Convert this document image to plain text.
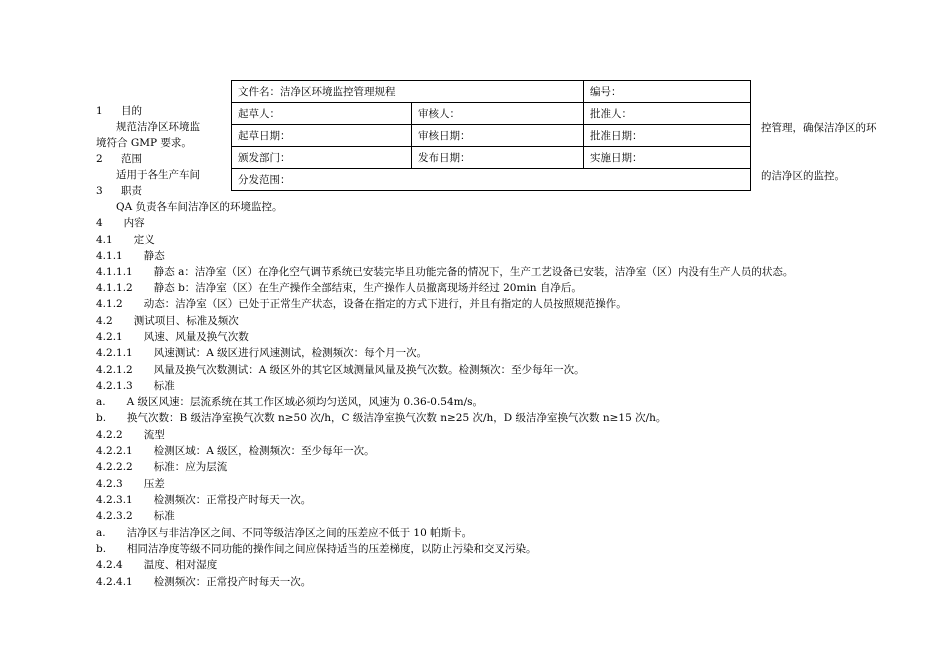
1 目的
规范洁净区环境监
境符合 GMP 要求。
2 范围
适用于各生产车间
3 职责
控管理，确保洁净区的环
的洁净区的监控。
文件名：洁净区环境监控管理规程		编号：
起草人：	审核人：	批准人：
起草日期：	审核日期：	批准日期：
颁发部门：	发布日期：	实施日期：
分发范围：		
QA 负责各车间洁净区的环境监控。
4　　内容
4.1　　定义
4.1.1　　静态
4.1.1.1　　静态 a：洁净室（区）在净化空气调节系统已安装完毕且功能完备的情况下，生产工艺设备已安装，洁净室（区）内没有生产人员的状态。
4.1.1.2　　静态 b：洁净室（区）在生产操作全部结束，生产操作人员撤离现场并经过 20min 自净后。
4.1.2　　动态：洁净室（区）已处于正常生产状态，设备在指定的方式下进行，并且有指定的人员按照规范操作。
4.2　　测试项目、标准及频次
4.2.1　　风速、风量及换气次数
4.2.1.1　　风速测试：A 级区进行风速测试，检测频次：每个月一次。
4.2.1.2　　风量及换气次数测试：A 级区外的其它区域测量风量及换气次数。检测频次：至少每年一次。
4.2.1.3　　标准
a.　　A 级区风速：层流系统在其工作区域必须均匀送风，风速为 0.36-0.54m/s。
b.　　换气次数：B 级洁净室换气次数 n≥50 次/h，C 级洁净室换气次数 n≥25 次/h，D 级洁净室换气次数 n≥15 次/h。
4.2.2　　流型
4.2.2.1　　检测区域：A 级区，检测频次：至少每年一次。
4.2.2.2　　标准：应为层流
4.2.3　　压差
4.2.3.1　　检测频次：正常投产时每天一次。
4.2.3.2　　标准
a.　　洁净区与非洁净区之间、不同等级洁净区之间的压差应不低于 10 帕斯卡。
b.　　相同洁净度等级不同功能的操作间之间应保持适当的压差梯度，以防止污染和交叉污染。
4.2.4　　温度、相对湿度
4.2.4.1　　检测频次：正常投产时每天一次。
